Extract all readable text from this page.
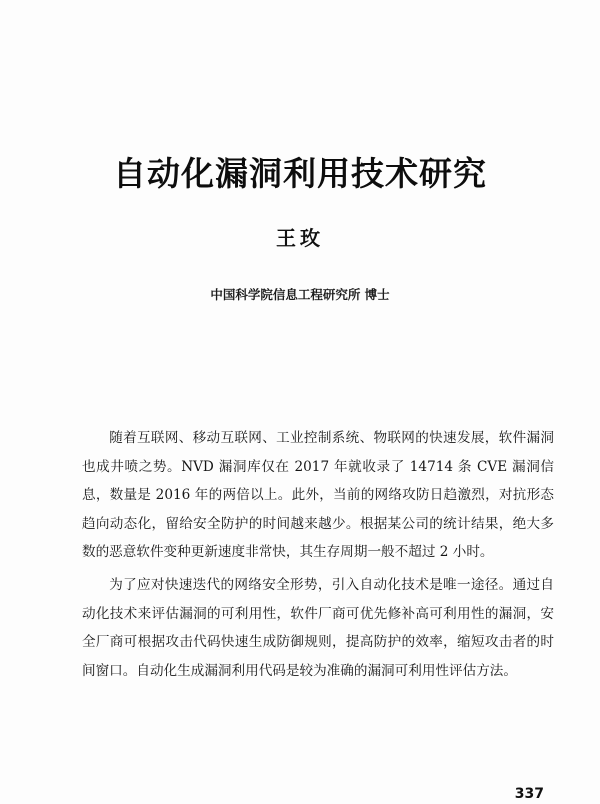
自动化漏洞利用技术研究
王玫
中国科学院信息工程研究所 博士

随着互联网、移动互联网、工业控制系统、物联网的快速发展，软件漏洞也成井喷之势。NVD 漏洞库仅在 2017 年就收录了 14714 条 CVE 漏洞信息，数量是 2016 年的两倍以上。此外，当前的网络攻防日趋激烈，对抗形态趋向动态化，留给安全防护的时间越来越少。根据某公司的统计结果，绝大多数的恶意软件变种更新速度非常快，其生存周期一般不超过 2 小时。

为了应对快速迭代的网络安全形势，引入自动化技术是唯一途径。通过自动化技术来评估漏洞的可利用性，软件厂商可优先修补高可利用性的漏洞，安全厂商可根据攻击代码快速生成防御规则，提高防护的效率，缩短攻击者的时间窗口。自动化生成漏洞利用代码是较为准确的漏洞可利用性评估方法。

337
